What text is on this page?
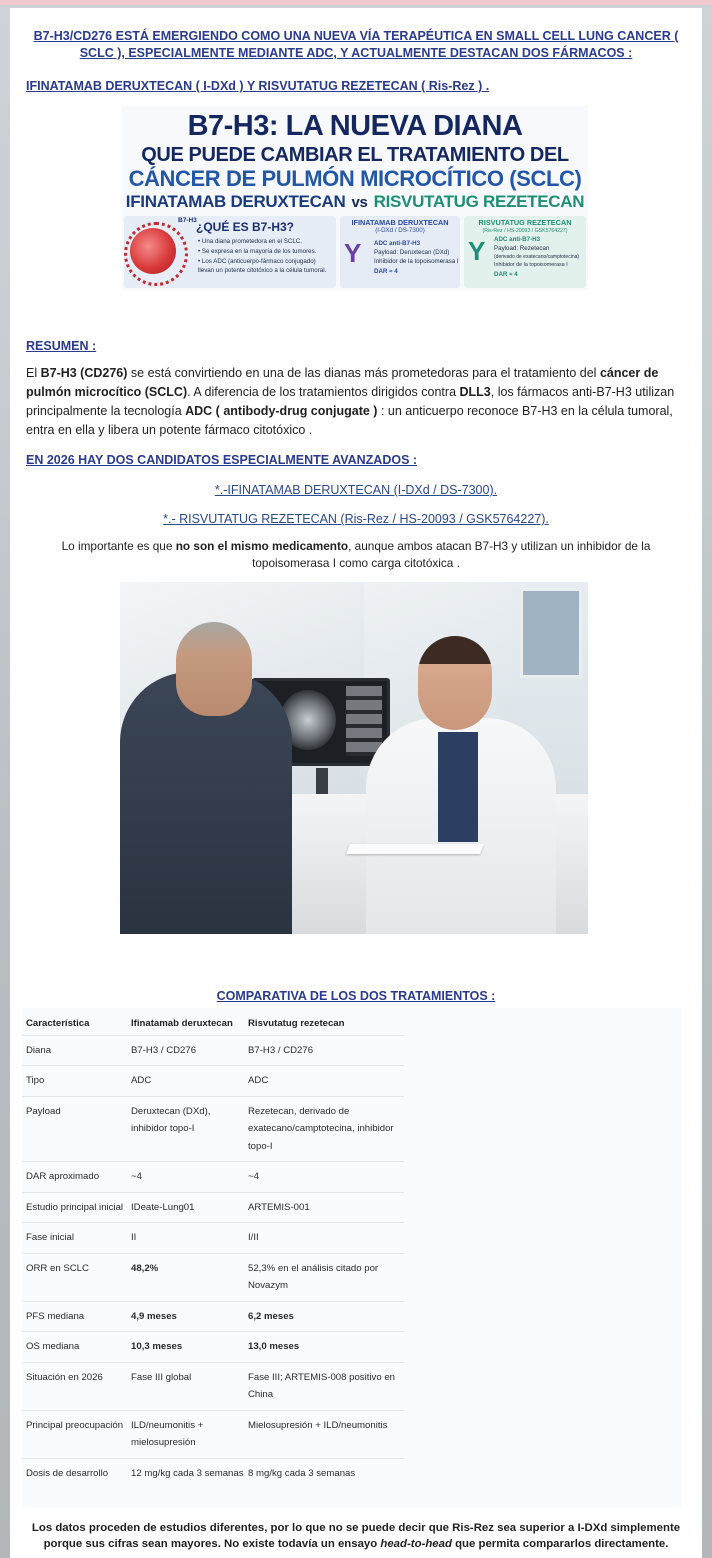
B7-H3/CD276 ESTÁ EMERGIENDO COMO UNA NUEVA VÍA TERAPÉUTICA EN SMALL CELL LUNG CANCER (
SCLC ), ESPECIALMENTE MEDIANTE ADC, Y ACTUALMENTE DESTACAN DOS FÁRMACOS :
IFINATAMAB DERUXTECAN ( I-DXd ) Y RISVUTATUG REZETECAN ( Ris-Rez ) .
B7-H3: LA NUEVA DIANA
QUE PUEDE CAMBIAR EL TRATAMIENTO DEL
CÁNCER DE PULMÓN MICROCÍTICO (SCLC)
IFINATAMAB DERUXTECAN vs RISVUTATUG REZETECAN
B7-H3 ¿QUÉ ES B7-H3?
• Una diana prometedora en el SCLC.
• Se expresa en la mayoría de los tumores.
• Los ADC (anticuerpo-fármaco conjugado)
llevan un potente citotóxico a la célula tumoral.
IFINATAMAB DERUXTECAN
(I-DXd / DS-7300)
Y ADC anti-B7-H3
Payload: Deruxtecan (DXd)
Inhibidor de la topoisomerasa I
DAR ≈ 4
RISVUTATUG REZETECAN
(Ris-Rez / HS-20093 / GSK5764227)
Y ADC anti-B7-H3
Payload: Rezetecan
(derivado de exatecano/camptotecina)
Inhibidor de la topoisomerasa I
DAR ≈ 4
RESUMEN :
El B7-H3 (CD276) se está convirtiendo en una de las dianas más prometedoras para el tratamiento del cáncer de pulmón microcítico (SCLC). A diferencia de los tratamientos dirigidos contra DLL3, los fármacos anti-B7-H3 utilizan principalmente la tecnología ADC ( antibody-drug conjugate ) : un anticuerpo reconoce B7-H3 en la célula tumoral, entra en ella y libera un potente fármaco citotóxico .
EN 2026 HAY DOS CANDIDATOS ESPECIALMENTE AVANZADOS :
*.-IFINATAMAB DERUXTECAN (I-DXd / DS-7300).
*.- RISVUTATUG REZETECAN (Ris-Rez / HS-20093 / GSK5764227).
Lo importante es que no son el mismo medicamento, aunque ambos atacan B7-H3 y utilizan un inhibidor de la topoisomerasa I como carga citotóxica .
COMPARATIVA DE LOS DOS TRATAMIENTOS :
Característica	Ifinatamab deruxtecan	Risvutatug rezetecan
Diana	B7-H3 / CD276	B7-H3 / CD276
Tipo	ADC	ADC
Payload	Deruxtecan (DXd), inhibidor topo-I	Rezetecan, derivado de exatecano/camptotecina, inhibidor topo-I
DAR aproximado	~4	~4
Estudio principal inicial	IDeate-Lung01	ARTEMIS-001
Fase inicial	II	I/II
ORR en SCLC	48,2%	52,3% en el análisis citado por Novazym
PFS mediana	4,9 meses	6,2 meses
OS mediana	10,3 meses	13,0 meses
Situación en 2026	Fase III global	Fase III; ARTEMIS-008 positivo en China
Principal preocupación	ILD/neumonitis + mielosupresión	Mielosupresión + ILD/neumonitis
Dosis de desarrollo	12 mg/kg cada 3 semanas	8 mg/kg cada 3 semanas
Los datos proceden de estudios diferentes, por lo que no se puede decir que Ris-Rez sea superior a I-DXd simplemente porque sus cifras sean mayores. No existe todavía un ensayo head-to-head que permita compararlos directamente.
